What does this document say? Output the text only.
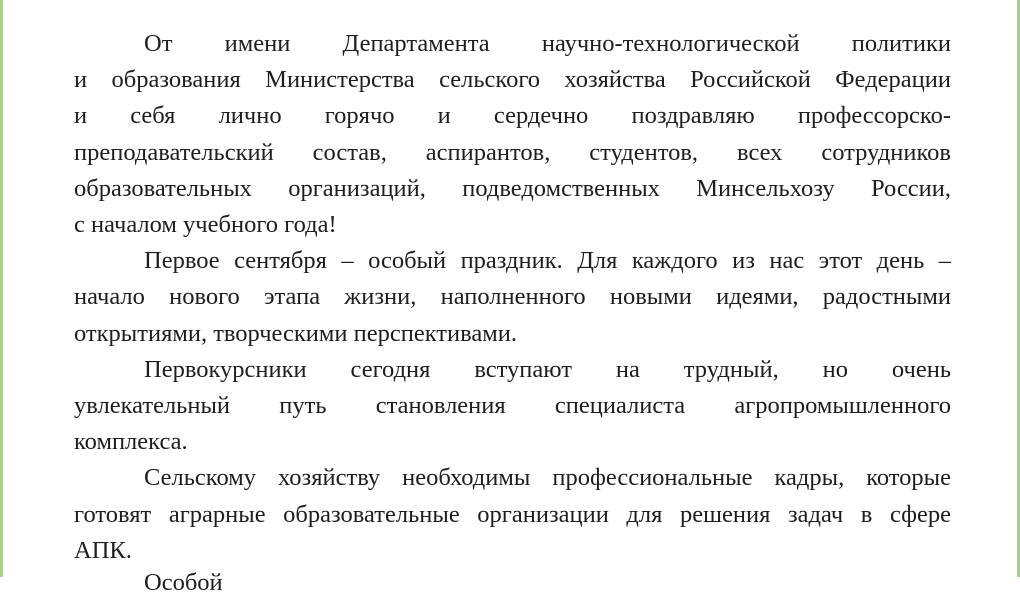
От имени Департамента научно-технологической политики
и образования Министерства сельского хозяйства Российской Федерации
и себя лично горячо и сердечно поздравляю профессорско-
преподавательский состав, аспирантов, студентов, всех сотрудников
образовательных организаций, подведомственных Минсельхозу России,
с началом учебного года!

Первое сентября – особый праздник. Для каждого из нас этот день –
начало нового этапа жизни, наполненного новыми идеями, радостными
открытиями, творческими перспективами.

Первокурсники сегодня вступают на трудный, но очень
увлекательный путь становления специалиста агропромышленного
комплекса.

Сельскому хозяйству необходимы профессиональные кадры, которые
готовят аграрные образовательные организации для решения задач в сфере
АПК.

Особой
